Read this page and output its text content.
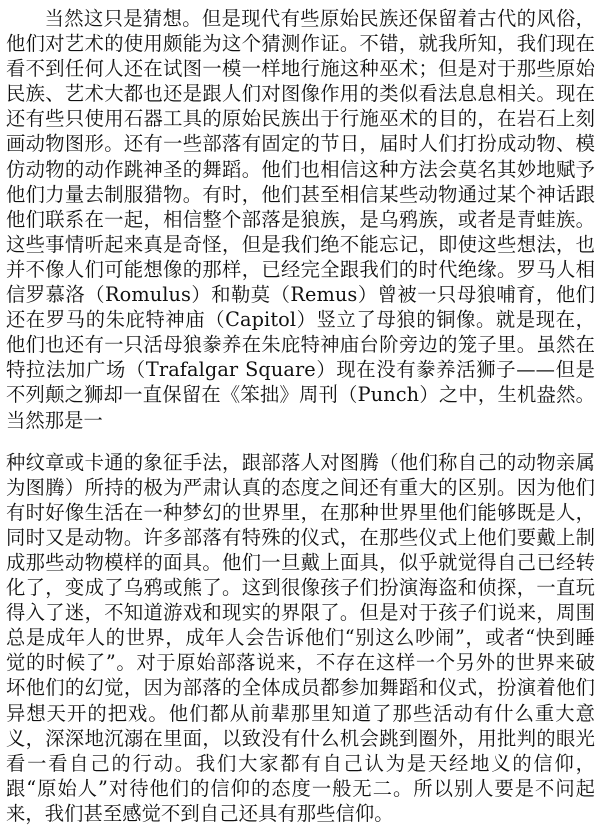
当然这只是猜想。但是现代有些原始民族还保留着古代的风俗，他们对艺术的使用颇能为这个猜测作证。不错，就我所知，我们现在看不到任何人还在试图一模一样地行施这种巫术；但是对于那些原始民族、艺术大都也还是跟人们对图像作用的类似看法息息相关。现在还有些只使用石器工具的原始民族出于行施巫术的目的，在岩石上刻画动物图形。还有一些部落有固定的节日，届时人们打扮成动物、模仿动物的动作跳神圣的舞蹈。他们也相信这种方法会莫名其妙地赋予他们力量去制服猎物。有时，他们甚至相信某些动物通过某个神话跟他们联系在一起，相信整个部落是狼族，是乌鸦族，或者是青蛙族。这些事情听起来真是奇怪，但是我们绝不能忘记，即使这些想法，也并不像人们可能想像的那样，已经完全跟我们的时代绝缘。罗马人相信罗慕洛（Romulus）和勒莫（Remus）曾被一只母狼哺育，他们还在罗马的朱庇特神庙（Capitol）竖立了母狼的铜像。就是现在，他们也还有一只活母狼豢养在朱庇特神庙台阶旁边的笼子里。虽然在特拉法加广场（Trafalgar Square）现在没有豢养活狮子——但是不列颠之狮却一直保留在《笨拙》周刊（Punch）之中，生机盎然。当然那是一

种纹章或卡通的象征手法，跟部落人对图腾（他们称自己的动物亲属为图腾）所持的极为严肃认真的态度之间还有重大的区别。因为他们有时好像生活在一种梦幻的世界里，在那种世界里他们能够既是人，同时又是动物。许多部落有特殊的仪式，在那些仪式上他们要戴上制成那些动物模样的面具。他们一旦戴上面具，似乎就觉得自己已经转化了，变成了乌鸦或熊了。这到很像孩子们扮演海盗和侦探，一直玩得入了迷，不知道游戏和现实的界限了。但是对于孩子们说来，周围总是成年人的世界，成年人会告诉他们“别这么吵闹”，或者“快到睡觉的时候了”。对于原始部落说来，不存在这样一个另外的世界来破坏他们的幻觉，因为部落的全体成员都参加舞蹈和仪式，扮演着他们异想天开的把戏。他们都从前辈那里知道了那些活动有什么重大意义，深深地沉溺在里面，以致没有什么机会跳到圈外，用批判的眼光看一看自己的行动。我们大家都有自己认为是天经地义的信仰，跟“原始人”对待他们的信仰的态度一般无二。所以别人要是不问起来，我们甚至感觉不到自己还具有那些信仰。
